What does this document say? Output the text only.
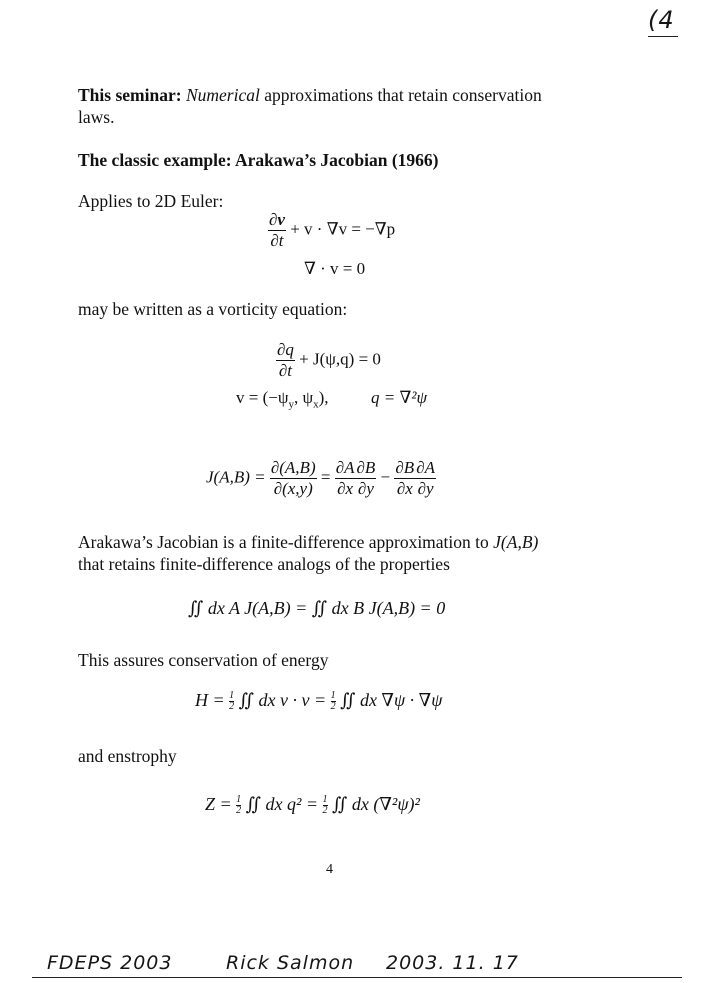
(4
This seminar: Numerical approximations that retain conservation
laws.
The classic example: Arakawa’s Jacobian (1966)
Applies to 2D Euler:
$\frac{\partial v}{\partial t} + v \cdot \nabla v = -\nabla p$
∇ · v = 0
may be written as a vorticity equation:
$\frac{\partial q}{\partial t} + J(\psi,q) = 0$
$v = (-\psi_y$, $\psi_x$), q = ∇²ψ
$J(A,B) = \frac{\partial(A,B)}{\partial(x,y)} = \frac{\partial A}{\partial x} \frac{\partial B}{\partial y} - \frac{\partial B}{\partial x} \frac{\partial A}{\partial y}$
Arakawa’s Jacobian is a finite-difference approximation to J(A,B)
that retains finite-difference analogs of the properties
∬ dx A J(A,B) = ∬ dx B J(A,B) = 0
This assures conservation of energy
$H = \frac{1}{2}$ ∬ dx $v \cdot v = \frac{1}{2}$ ∬ dx ∇ψ · ∇ψ
and enstrophy
$Z = \frac{1}{2}$ ∬ dx $q^2 = \frac{1}{2}$ ∬ dx (∇²ψ)²
4
FDEPS 2003	Rick Salmon 2003. 11. 17
